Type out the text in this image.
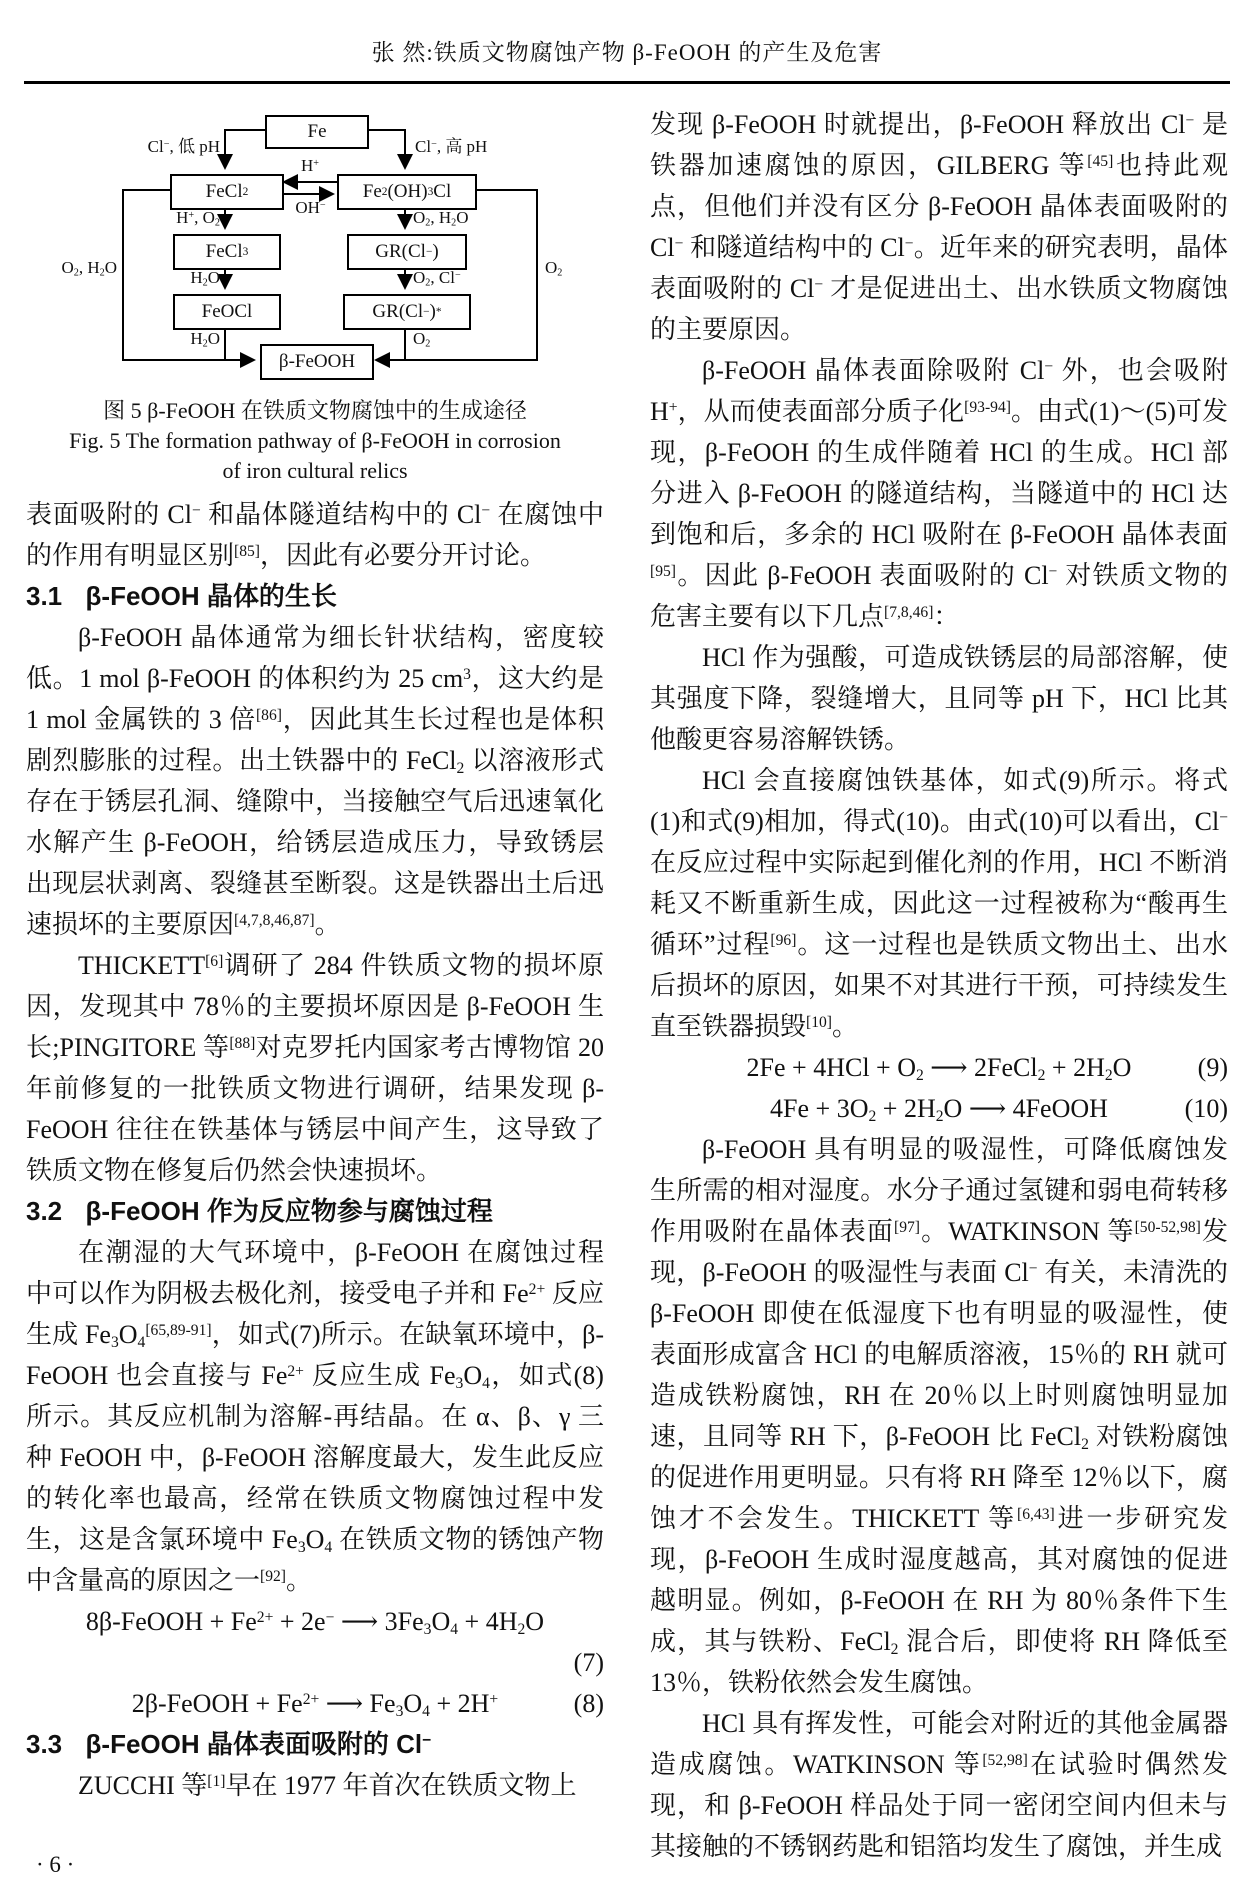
张 然:铁质文物腐蚀产物 β-FeOOH 的产生及危害
Fe
FeCl 2	Fe 2 (OH) 3 Cl
FeCl 3	GR(Cl − )
FeOCl	GR(Cl − ) *
β-FeOOH
Cl−, 低 pH	Cl−, 高 pH
H+
OH−
H+, $O_2$	$O_2$, $H_2O$
$H_2O$	$O_2$, Cl−
$H_2O$	$O_2$
$O_2$, $H_2O$	$O_2$
图 5 β-FeOOH 在铁质文物腐蚀中的生成途径
Fig. 5 The formation pathway of β-FeOOH in corrosion
of iron cultural relics

表面吸附的 Cl− 和晶体隧道结构中的 Cl− 在腐蚀中的作用有明显区别[85]，因此有必要分开讨论。

3.1 β-FeOOH 晶体的生长

β-FeOOH 晶体通常为细长针状结构，密度较低。1 mol β-FeOOH 的体积约为 25 $cm^3$，这大约是 1 mol 金属铁的 3 倍[86]，因此其生长过程也是体积剧烈膨胀的过程。出土铁器中的 FeCl$_2$ 以溶液形式存在于锈层孔洞、缝隙中，当接触空气后迅速氧化水解产生 β-FeOOH，给锈层造成压力，导致锈层出现层状剥离、裂缝甚至断裂。这是铁器出土后迅速损坏的主要原因[4,7,8,46,87]。

THICKETT[6]调研了 284 件铁质文物的损坏原因，发现其中 78％的主要损坏原因是 β-FeOOH 生长;PINGITORE 等[88]对克罗托内国家考古博物馆 20 年前修复的一批铁质文物进行调研，结果发现 β-FeOOH 往往在铁基体与锈层中间产生，这导致了铁质文物在修复后仍然会快速损坏。

3.2 β-FeOOH 作为反应物参与腐蚀过程

在潮湿的大气环境中，β-FeOOH 在腐蚀过程中可以作为阴极去极化剂，接受电子并和 $Fe^{2+}$ 反应生成 $Fe_3O_4[65,89-91]$，如式(7)所示。在缺氧环境中，β-FeOOH 也会直接与 $Fe^{2+}$ 反应生成 $Fe_3O_4$，如式(8)所示。其反应机制为溶解-再结晶。在 α、β、γ 三种 FeOOH 中，β-FeOOH 溶解度最大，发生此反应的转化率也最高，经常在铁质文物腐蚀过程中发生，这是含氯环境中 $Fe_3O_4$ 在铁质文物的锈蚀产物中含量高的原因之一[92]。

8β-FeOOH + $Fe^{2+} + 2e^-$ ⟶ $3Fe_3O_4 + 4H_2O$
(7)
2β-FeOOH + $Fe^{2+}$ ⟶ $Fe_3O_4 + 2H^+$	(8)
3.3 β-FeOOH 晶体表面吸附的 Cl−

ZUCCHI 等[1]早在 1977 年首次在铁质文物上

发现 β-FeOOH 时就提出，β-FeOOH 释放出 Cl− 是铁器加速腐蚀的原因，GILBERG 等[45]也持此观点，但他们并没有区分 β-FeOOH 晶体表面吸附的 Cl− 和隧道结构中的 Cl−。近年来的研究表明，晶体表面吸附的 Cl− 才是促进出土、出水铁质文物腐蚀的主要原因。

β-FeOOH 晶体表面除吸附 Cl− 外，也会吸附 H+，从而使表面部分质子化[93-94]。由式(1)～(5)可发现，β-FeOOH 的生成伴随着 HCl 的生成。HCl 部分进入 β-FeOOH 的隧道结构，当隧道中的 HCl 达到饱和后，多余的 HCl 吸附在 β-FeOOH 晶体表面[95]。因此 β-FeOOH 表面吸附的 Cl− 对铁质文物的危害主要有以下几点[7,8,46]：

HCl 作为强酸，可造成铁锈层的局部溶解，使其强度下降，裂缝增大，且同等 pH 下，HCl 比其他酸更容易溶解铁锈。

HCl 会直接腐蚀铁基体，如式(9)所示。将式(1)和式(9)相加，得式(10)。由式(10)可以看出，Cl− 在反应过程中实际起到催化剂的作用，HCl 不断消耗又不断重新生成，因此这一过程被称为“酸再生循环”过程[96]。这一过程也是铁质文物出土、出水后损坏的原因，如果不对其进行干预，可持续发生直至铁器损毁[10]。

$2Fe + 4HCl + O_2$ ⟶ 2FeCl$_2$ + $2H_2O$	(9)
$4Fe + 3O_2 + 2H_2O$ ⟶ 4FeOOH	(10)

β-FeOOH 具有明显的吸湿性，可降低腐蚀发生所需的相对湿度。水分子通过氢键和弱电荷转移作用吸附在晶体表面[97]。WATKINSON 等[50-52,98]发现，β-FeOOH 的吸湿性与表面 Cl− 有关，未清洗的 β-FeOOH 即使在低湿度下也有明显的吸湿性，使表面形成富含 HCl 的电解质溶液，15％的 RH 就可造成铁粉腐蚀，RH 在 20％以上时则腐蚀明显加速，且同等 RH 下，β-FeOOH 比 FeCl$_2$ 对铁粉腐蚀的促进作用更明显。只有将 RH 降至 12％以下，腐蚀才不会发生。THICKETT 等[6,43]进一步研究发现，β-FeOOH 生成时湿度越高，其对腐蚀的促进越明显。例如，β-FeOOH 在 RH 为 80％条件下生成，其与铁粉、FeCl$_2$ 混合后，即使将 RH 降低至 13％，铁粉依然会发生腐蚀。

HCl 具有挥发性，可能会对附近的其他金属器造成腐蚀。WATKINSON 等[52,98]在试验时偶然发现，和 β-FeOOH 样品处于同一密闭空间内但未与其接触的不锈钢药匙和铝箔均发生了腐蚀，并生成

· 6 ·
